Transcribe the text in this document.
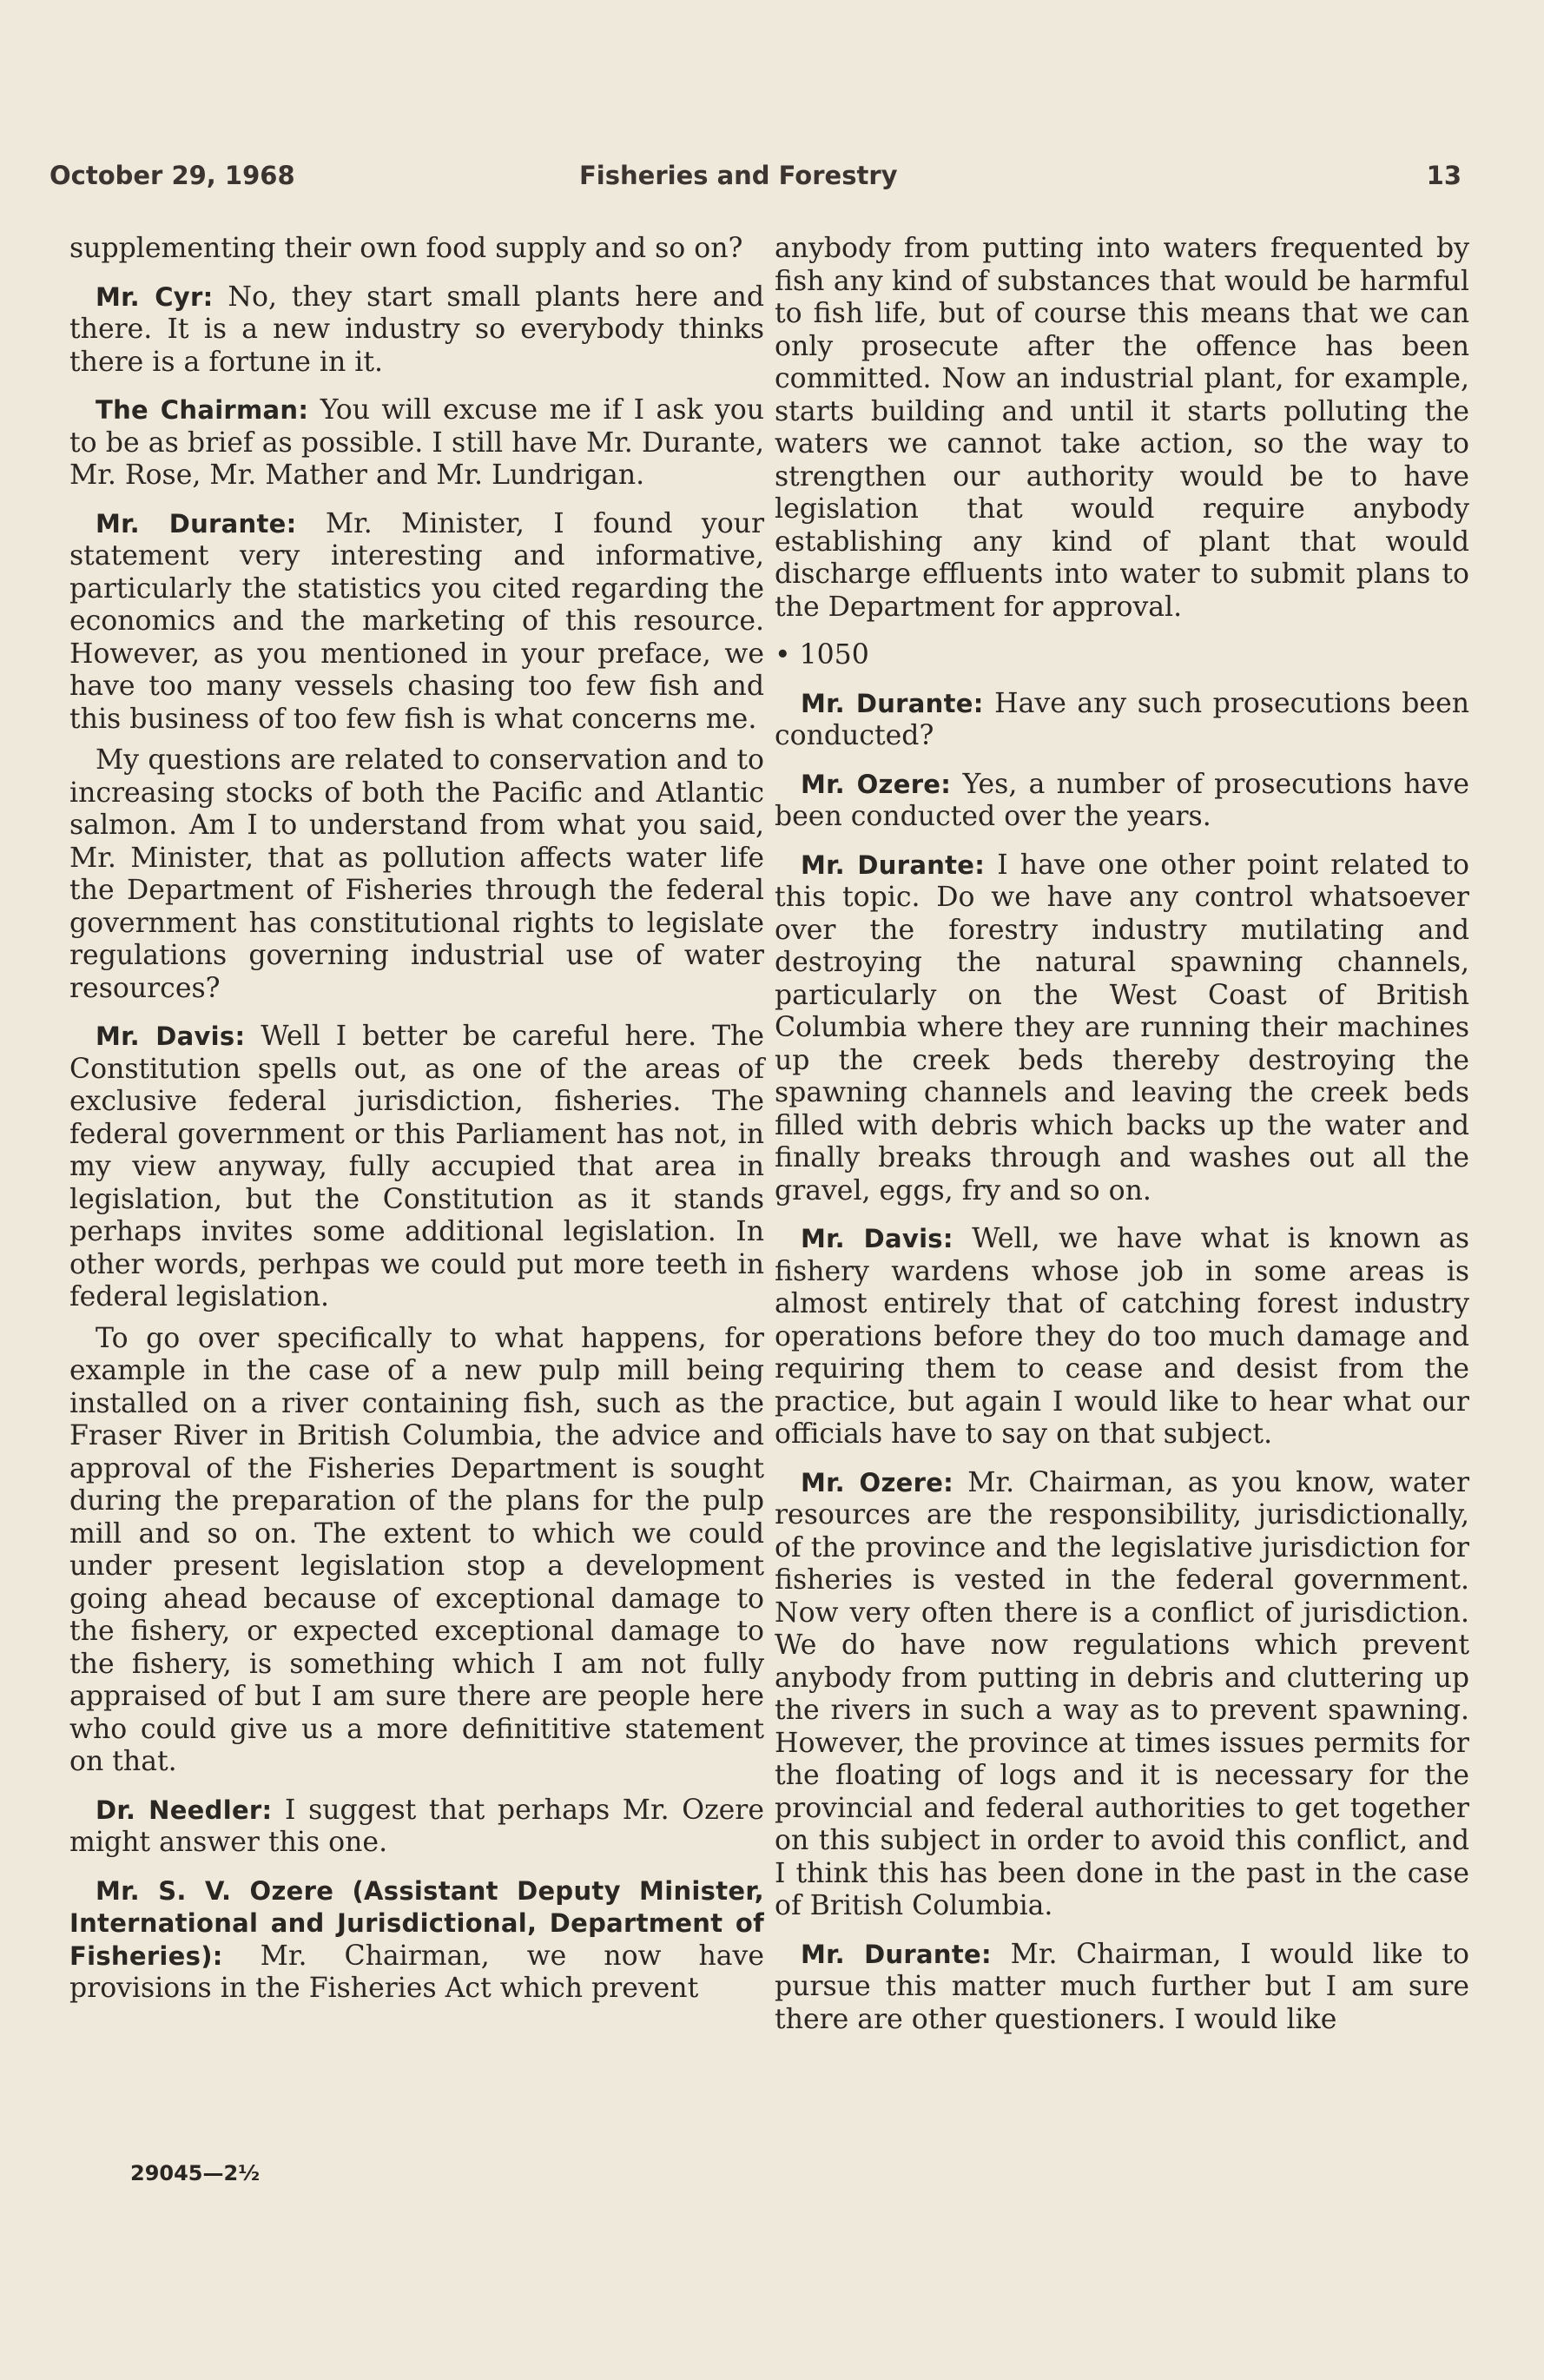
October 29, 1968	Fisheries and Forestry	13

supplementing their own food supply and so on?

Mr. Cyr: No, they start small plants here and there. It is a new industry so everybody thinks there is a fortune in it.

The Chairman: You will excuse me if I ask you to be as brief as possible. I still have Mr. Durante, Mr. Rose, Mr. Mather and Mr. Lundrigan.

Mr. Durante: Mr. Minister, I found your statement very interesting and informative, particularly the statistics you cited regarding the economics and the marketing of this resource. However, as you mentioned in your preface, we have too many vessels chasing too few fish and this business of too few fish is what concerns me.

My questions are related to conservation and to increasing stocks of both the Pacific and Atlantic salmon. Am I to understand from what you said, Mr. Minister, that as pollution affects water life the Department of Fisheries through the federal government has constitutional rights to legislate regulations governing industrial use of water resources?

Mr. Davis: Well I better be careful here. The Constitution spells out, as one of the areas of exclusive federal jurisdiction, fisheries. The federal government or this Parliament has not, in my view anyway, fully accupied that area in legislation, but the Constitution as it stands perhaps invites some additional legislation. In other words, perhpas we could put more teeth in federal legislation.

To go over specifically to what happens, for example in the case of a new pulp mill being installed on a river containing fish, such as the Fraser River in British Columbia, the advice and approval of the Fisheries Department is sought during the preparation of the plans for the pulp mill and so on. The extent to which we could under present legislation stop a development going ahead because of exceptional damage to the fishery, or expected exceptional damage to the fishery, is something which I am not fully appraised of but I am sure there are people here who could give us a more definititive statement on that.

Dr. Needler: I suggest that perhaps Mr. Ozere might answer this one.

Mr. S. V. Ozere (Assistant Deputy Minister, International and Jurisdictional, Department of Fisheries): Mr. Chairman, we now have provisions in the Fisheries Act which prevent

anybody from putting into waters frequented by fish any kind of substances that would be harmful to fish life, but of course this means that we can only prosecute after the offence has been committed. Now an industrial plant, for example, starts building and until it starts polluting the waters we cannot take action, so the way to strengthen our authority would be to have legislation that would require anybody establishing any kind of plant that would discharge effluents into water to submit plans to the Department for approval.

• 1050

Mr. Durante: Have any such prosecutions been conducted?

Mr. Ozere: Yes, a number of prosecutions have been conducted over the years.

Mr. Durante: I have one other point related to this topic. Do we have any control whatsoever over the forestry industry mutilating and destroying the natural spawning channels, particularly on the West Coast of British Columbia where they are running their machines up the creek beds thereby destroying the spawning channels and leaving the creek beds filled with debris which backs up the water and finally breaks through and washes out all the gravel, eggs, fry and so on.

Mr. Davis: Well, we have what is known as fishery wardens whose job in some areas is almost entirely that of catching forest industry operations before they do too much damage and requiring them to cease and desist from the practice, but again I would like to hear what our officials have to say on that subject.

Mr. Ozere: Mr. Chairman, as you know, water resources are the responsibility, jurisdictionally, of the province and the legislative jurisdiction for fisheries is vested in the federal government. Now very often there is a conflict of jurisdiction. We do have now regulations which prevent anybody from putting in debris and cluttering up the rivers in such a way as to prevent spawning. However, the province at times issues permits for the floating of logs and it is necessary for the provincial and federal authorities to get together on this subject in order to avoid this conflict, and I think this has been done in the past in the case of British Columbia.

Mr. Durante: Mr. Chairman, I would like to pursue this matter much further but I am sure there are other questioners. I would like

29045—2½
